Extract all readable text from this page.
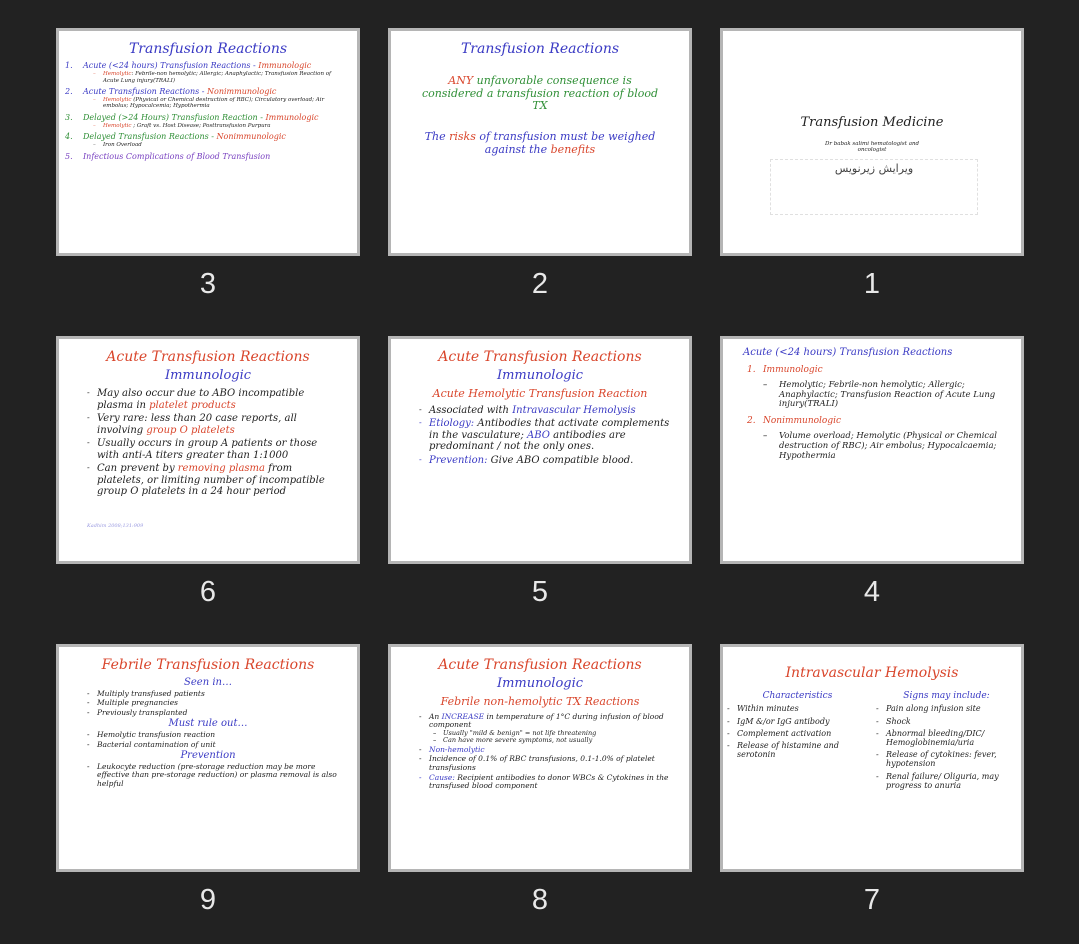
Transfusion Reactions
1. Acute (<24 hours) Transfusion Reactions - Immunologic
– Hemolytic: Febrile-non hemolytic; Allergic; Anaphylactic; Transfusion Reaction of Acute Lung injury(TRALI)
2. Acute Transfusion Reactions - Nonimmunologic
– Hemolytic (Physical or Chemical destruction of RBC); Circulatory overload; Air embolus; Hypocalcemia; Hypothermia
3. Delayed (>24 Hours) Transfusion Reaction - Immunologic
– Hemolytic ; Graft vs. Host Disease; Posttransfusion Purpura
4. Delayed Transfusion Reactions - Nonimmunologic
– Iron Overload
5. Infectious Complications of Blood Transfusion
3
Transfusion Reactions
ANY unfavorable consequence is considered a transfusion reaction of blood TX
The risks of transfusion must be weighed against the benefits
2
Transfusion Medicine
Dr babak salimi hematologist and oncologist
ویرایش زیرنویس
1
Acute Transfusion Reactions
Immunologic
- May also occur due to ABO incompatible plasma in platelet products
- Very rare: less than 20 case reports, all involving group O platelets
- Usually occurs in group A patients or those with anti-A titers greater than 1:1000
- Can prevent by removing plasma from platelets, or limiting number of incompatible group O platelets in a 24 hour period
Kadhim 2008;131:909
6
Acute Transfusion Reactions
Immunologic
Acute Hemolytic Transfusion Reaction
- Associated with Intravascular Hemolysis
- Etiology: Antibodies that activate complements in the vasculature; ABO antibodies are predominant / not the only ones.
- Prevention: Give ABO compatible blood.
5
Acute (<24 hours) Transfusion Reactions
1. Immunologic
– Hemolytic; Febrile-non hemolytic; Allergic; Anaphylactic; Transfusion Reaction of Acute Lung injury(TRALI)
2. Nonimmunologic
– Volume overload; Hemolytic (Physical or Chemical destruction of RBC); Air embolus; Hypocalcaemia; Hypothermia
4
Febrile Transfusion Reactions
Seen in…
- Multiply transfused patients
- Multiple pregnancies
- Previously transplanted
Must rule out…
- Hemolytic transfusion reaction
- Bacterial contamination of unit
Prevention
- Leukocyte reduction (pre-storage reduction may be more effective than pre-storage reduction) or plasma removal is also helpful
9
Acute Transfusion Reactions
Immunologic
Febrile non-hemolytic TX Reactions
- An INCREASE in temperature of 1°C during infusion of blood component
– Usually "mild & benign" = not life threatening
– Can have more severe symptoms, not usually
- Non-hemolytic
- Incidence of 0.1% of RBC transfusions, 0.1-1.0% of platelet transfusions
- Cause: Recipient antibodies to donor WBCs & Cytokines in the transfused blood component
8
Intravascular Hemolysis
Characteristics
- Within minutes
- IgM &/or IgG antibody
- Complement activation
- Release of histamine and serotonin
Signs may include:
- Pain along infusion site
- Shock
- Abnormal bleeding/DIC/ Hemoglobinemia/uria
- Release of cytokines: fever, hypotension
- Renal failure/ Oliguria, may progress to anuria
7
